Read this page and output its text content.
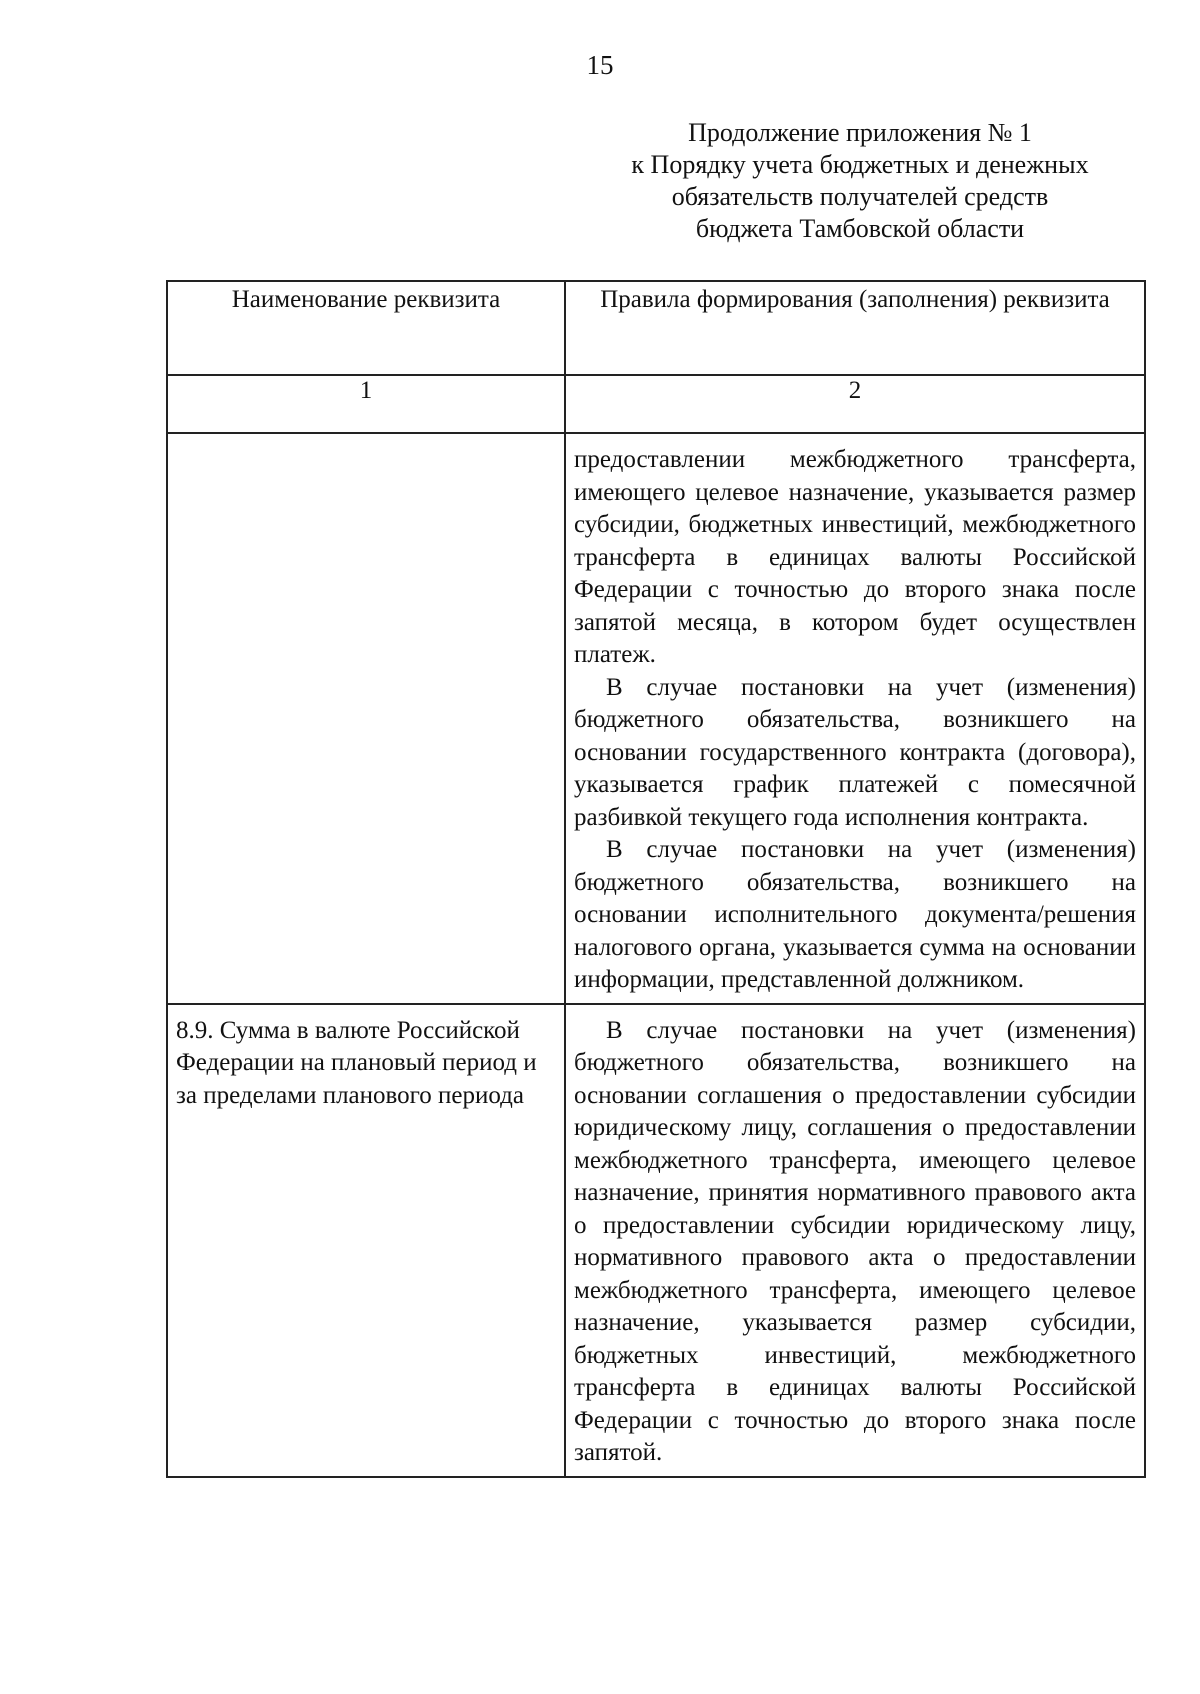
15
Продолжение приложения № 1
к Порядку учета бюджетных и денежных
обязательств получателей средств
бюджета Тамбовской области
Наименование реквизита	Правила формирования (заполнения) реквизита
1	2

	предоставлении межбюджетного трансферта, имеющего целевое назначение, указывается размер субсидии, бюджетных инвестиций, межбюджетного трансферта в единицах валюты Российской Федерации с точностью до второго знака после запятой месяца, в котором будет осуществлен платеж.

В случае постановки на учет (изменения) бюджетного обязательства, возникшего на основании государственного контракта (договора), указывается график платежей с помесячной разбивкой текущего года исполнения контракта.

В случае постановки на учет (изменения) бюджетного обязательства, возникшего на основании исполнительного документа/решения налогового органа, указывается сумма на основании информации, представленной должником.

8.9. Сумма в валюте Российской Федерации на плановый период и за пределами планового периода	В случае постановки на учет (изменения) бюджетного обязательства, возникшего на основании соглашения о предоставлении субсидии юридическому лицу, соглашения о предоставлении межбюджетного трансферта, имеющего целевое назначение, принятия нормативного правового акта о предоставлении субсидии юридическому лицу, нормативного правового акта о предоставлении межбюджетного трансферта, имеющего целевое назначение, указывается размер субсидии, бюджетных инвестиций, межбюджетного трансферта в единицах валюты Российской Федерации с точностью до второго знака после запятой.
